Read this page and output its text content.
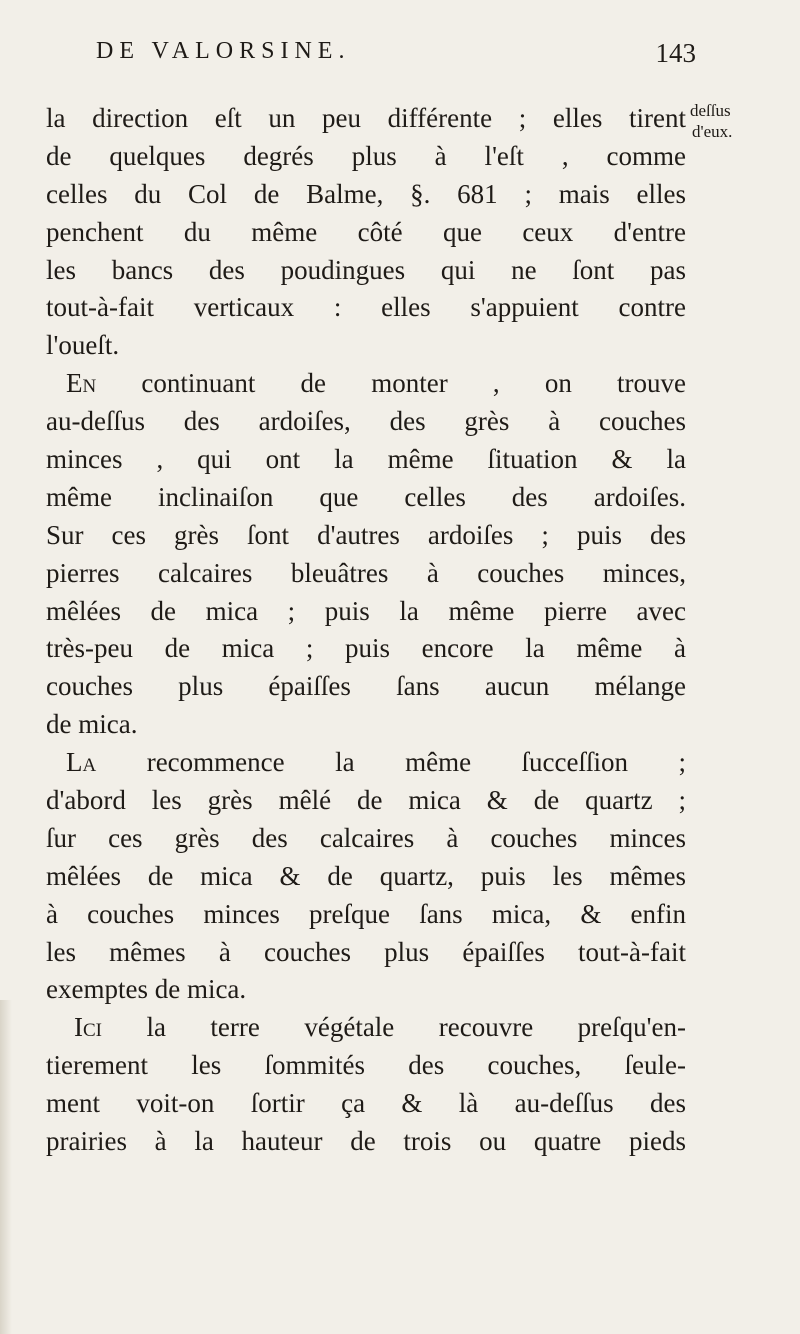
DE VALORSINE.	143
deſſus
d'eux.
la direction eſt un peu différente ; elles tirent
de quelques degrés plus à l'eſt , comme
celles du Col de Balme, §. 681 ; mais elles
penchent du même côté que ceux d'entre
les bancs des poudingues qui ne ſont pas
tout-à-fait verticaux : elles s'appuient contre
l'oueſt.
En continuant de monter , on trouve
au-deſſus des ardoiſes, des grès à couches
minces , qui ont la même ſituation & la
même inclinaiſon que celles des ardoiſes.
Sur ces grès ſont d'autres ardoiſes ; puis des
pierres calcaires bleuâtres à couches minces,
mêlées de mica ; puis la même pierre avec
très-peu de mica ; puis encore la même à
couches plus épaiſſes ſans aucun mélange
de mica.
La recommence la même ſucceſſion ;
d'abord les grès mêlé de mica & de quartz ;
ſur ces grès des calcaires à couches minces
mêlées de mica & de quartz, puis les mêmes
à couches minces preſque ſans mica, & enfin
les mêmes à couches plus épaiſſes tout-à-fait
exemptes de mica.
Ici la terre végétale recouvre preſqu'en-
tierement les ſommités des couches, ſeule-
ment voit-on ſortir ça & là au-deſſus des
prairies à la hauteur de trois ou quatre pieds
